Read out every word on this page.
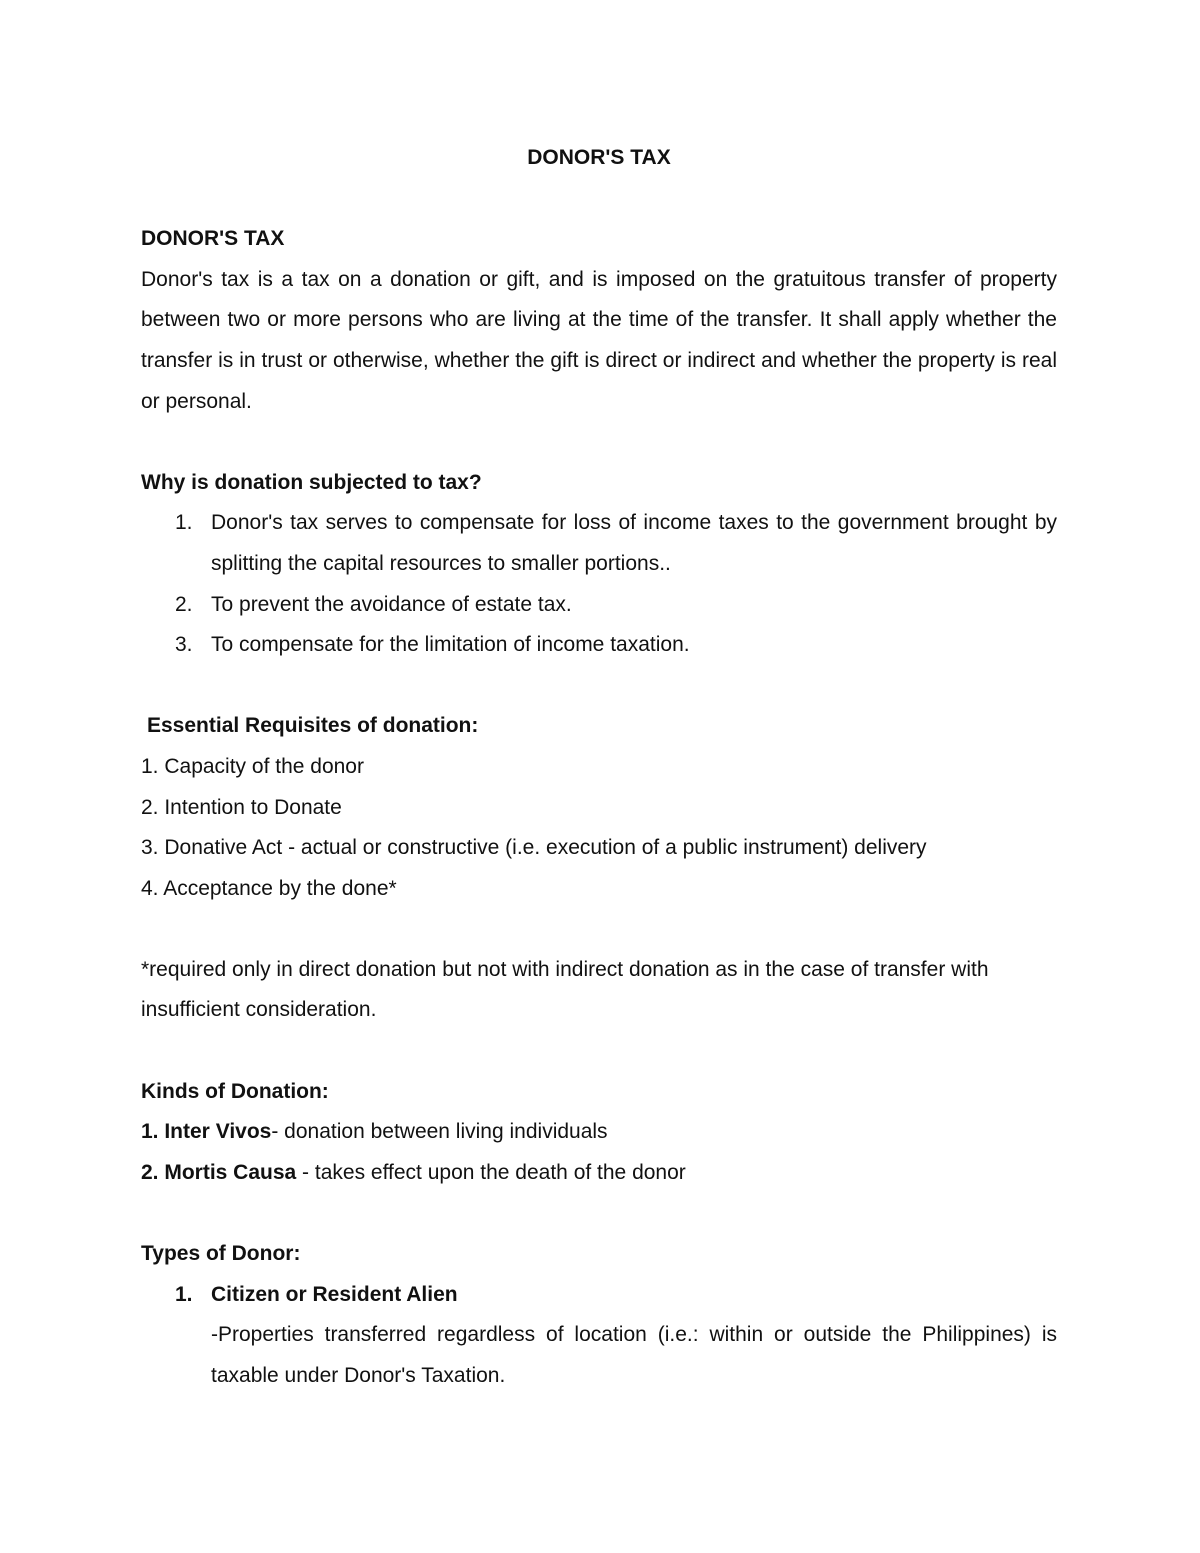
DONOR'S TAX

DONOR'S TAX

Donor's tax is a tax on a donation or gift, and is imposed on the gratuitous transfer of property between two or more persons who are living at the time of the transfer. It shall apply whether the transfer is in trust or otherwise, whether the gift is direct or indirect and whether the property is real or personal.

Why is donation subjected to tax?

1. Donor's tax serves to compensate for loss of income taxes to the government brought by splitting the capital resources to smaller portions..
2. To prevent the avoidance of estate tax.
3. To compensate for the limitation of income taxation.

Essential Requisites of donation:

1. Capacity of the donor

2. Intention to Donate

3. Donative Act - actual or constructive (i.e. execution of a public instrument) delivery

4. Acceptance by the done*

*required only in direct donation but not with indirect donation as in the case of transfer with insufficient consideration.

Kinds of Donation:

1. Inter Vivos- donation between living individuals

2. Mortis Causa - takes effect upon the death of the donor

Types of Donor:

1. Citizen or Resident Alien
-Properties transferred regardless of location (i.e.: within or outside the Philippines) is taxable under Donor's Taxation.
